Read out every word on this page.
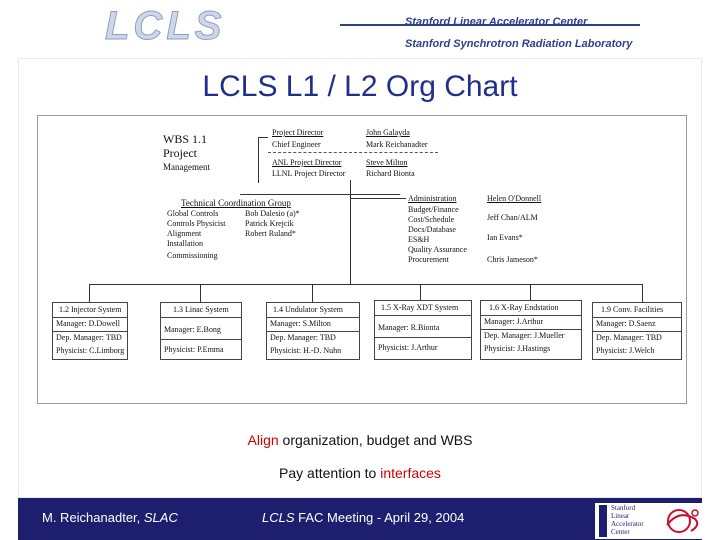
LCLS	Stanford Linear Accelerator Center
Stanford Synchrotron Radiation Laboratory
LCLS L1 / L2 Org Chart
WBS 1.1
Project
Management
Project Director
Chief Engineer
ANL Project Director
LLNL Project Director
John Galayda
Mark Reichanadter
Steve Milton
Richard Bionta
Technical Coordination Group
Global Controls
Controls Physicist
Alignment
Installation
Commissioning
Bob Dalesio (a)*
Patrick Krejcik
Robert Ruland*
Administration
Budget/Finance
Cost/Schedule
Docs/Database
ES&H
Quality Assurance
Procurement
Helen O'Donnell
Jeff Chan/ALM
Ian Evans*
Chris Jameson*
1.2 Injector System
Manager: D.Dowell
Dep. Manager: TBD
Physicist: C.Limborg
1.3 Linac System
Manager: E.Bong
Physicist: P.Emma
1.4 Undulator System
Manager: S.Milton
Dep. Manager: TBD
Physicist: H.-D. Nuhn
1.5 X-Ray XDT System
Manager: R.Bionta
Physicist: J.Arthur
1.6 X-Ray Endstation
Manager: J.Arthur
Dep. Manager: J.Mueller
Physicist: J.Hastings
1.9 Conv. Facilities
Manager: D.Saenz
Dep. Manager: TBD
Physicist: J.Welch
Align organization, budget and WBS
Pay attention to interfaces
M. Reichanadter, SLAC	LCLS FAC Meeting - April 29, 2004
Stanford
Linear
Accelerator
Center
